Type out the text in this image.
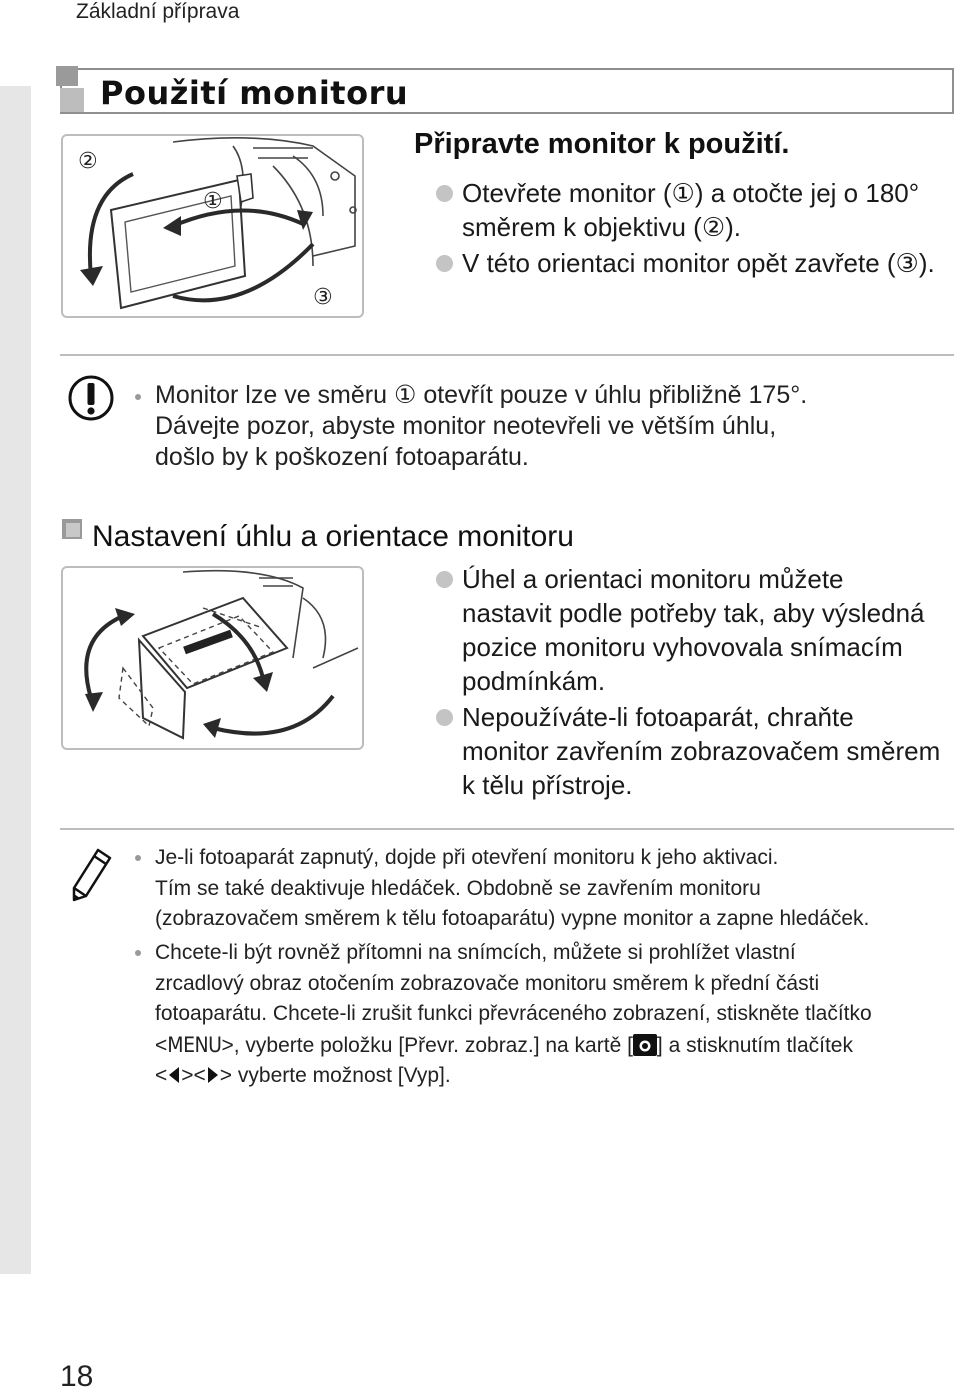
Základní příprava
18
Použití monitoru
②
①
③
Připravte monitor k použití.
Otevřete monitor (①) a otočte jej o 180°
směrem k objektivu (②).
V této orientaci monitor opět zavřete (③).
Monitor lze ve směru ① otevřít pouze v úhlu přibližně 175°.
Dávejte pozor, abyste monitor neotevřeli ve větším úhlu,
došlo by k poškození fotoaparátu.
Nastavení úhlu a orientace monitoru
Úhel a orientaci monitoru můžete
nastavit podle potřeby tak, aby výsledná
pozice monitoru vyhovovala snímacím
podmínkám.
Nepoužíváte-li fotoaparát, chraňte
monitor zavřením zobrazovačem směrem
k tělu přístroje.
Je-li fotoaparát zapnutý, dojde při otevření monitoru k jeho aktivaci.
Tím se také deaktivuje hledáček. Obdobně se zavřením monitoru
(zobrazovačem směrem k tělu fotoaparátu) vypne monitor a zapne hledáček.
Chcete-li být rovněž přítomni na snímcích, můžete si prohlížet vlastní
zrcadlový obraz otočením zobrazovače monitoru směrem k přední části
fotoaparátu. Chcete-li zrušit funkci převráceného zobrazení, stiskněte tlačítko
<MENU>, vyberte položku [Převr. zobraz.] na kartě [ ] a stisknutím tlačítek
< >< > vyberte možnost [Vyp].
